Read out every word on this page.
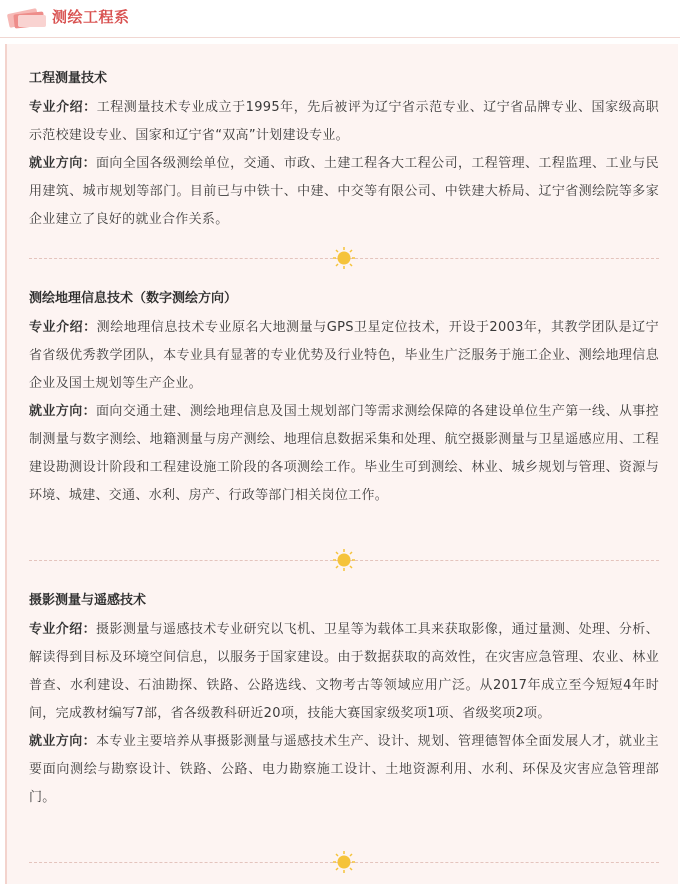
测绘工程系
工程测量技术

专业介绍：工程测量技术专业成立于1995年，先后被评为辽宁省示范专业、辽宁省品牌专业、国家级高职示范校建设专业、国家和辽宁省“双高”计划建设专业。

就业方向：面向全国各级测绘单位，交通、市政、土建工程各大工程公司，工程管理、工程监理、工业与民用建筑、城市规划等部门。目前已与中铁十、中建、中交等有限公司、中铁建大桥局、辽宁省测绘院等多家企业建立了良好的就业合作关系。

测绘地理信息技术（数字测绘方向）

专业介绍：测绘地理信息技术专业原名大地测量与GPS卫星定位技术，开设于2003年，其教学团队是辽宁省省级优秀教学团队，本专业具有显著的专业优势及行业特色，毕业生广泛服务于施工企业、测绘地理信息企业及国土规划等生产企业。

就业方向：面向交通土建、测绘地理信息及国土规划部门等需求测绘保障的各建设单位生产第一线、从事控制测量与数字测绘、地籍测量与房产测绘、地理信息数据采集和处理、航空摄影测量与卫星遥感应用、工程建设勘测设计阶段和工程建设施工阶段的各项测绘工作。毕业生可到测绘、林业、城乡规划与管理、资源与环境、城建、交通、水利、房产、行政等部门相关岗位工作。

摄影测量与遥感技术

专业介绍：摄影测量与遥感技术专业研究以飞机、卫星等为载体工具来获取影像，通过量测、处理、分析、解读得到目标及环境空间信息，以服务于国家建设。由于数据获取的高效性，在灾害应急管理、农业、林业普查、水利建设、石油勘探、铁路、公路选线、文物考古等领域应用广泛。从2017年成立至今短短4年时间，完成教材编写7部，省各级教科研近20项，技能大赛国家级奖项1项、省级奖项2项。

就业方向：本专业主要培养从事摄影测量与遥感技术生产、设计、规划、管理德智体全面发展人才，就业主要面向测绘与勘察设计、铁路、公路、电力勘察施工设计、土地资源利用、水利、环保及灾害应急管理部门。
